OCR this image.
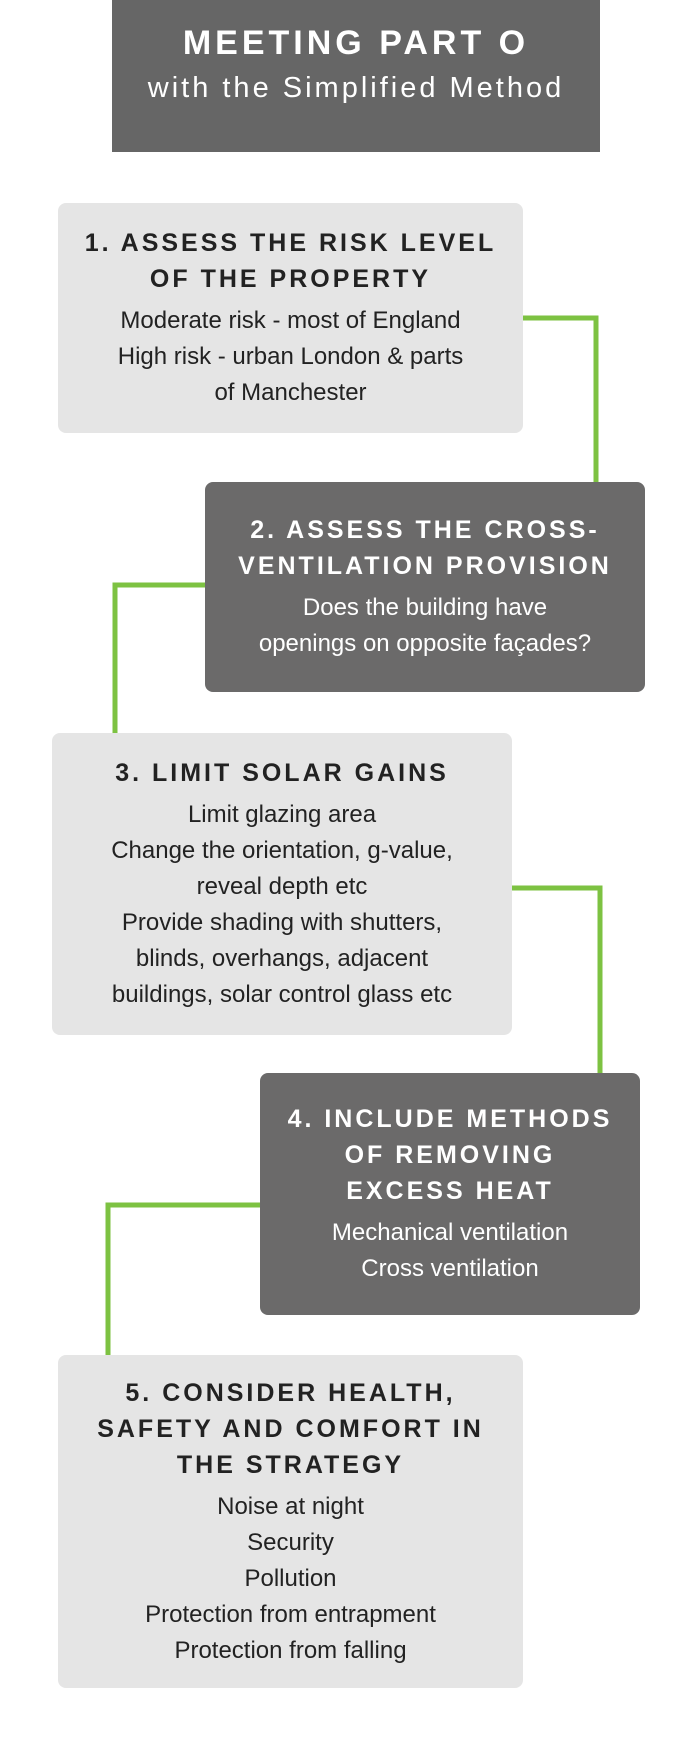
MEETING PART O
with the Simplified Method

1. ASSESS THE RISK LEVEL
OF THE PROPERTY

Moderate risk - most of England
High risk - urban London & parts
of Manchester

2. ASSESS THE CROSS-
VENTILATION PROVISION

Does the building have
openings on opposite façades?

3. LIMIT SOLAR GAINS

Limit glazing area
Change the orientation, g-value,
reveal depth etc
Provide shading with shutters,
blinds, overhangs, adjacent
buildings, solar control glass etc

4. INCLUDE METHODS
OF REMOVING
EXCESS HEAT

Mechanical ventilation
Cross ventilation

5. CONSIDER HEALTH,
SAFETY AND COMFORT IN
THE STRATEGY

Noise at night
Security
Pollution
Protection from entrapment
Protection from falling
